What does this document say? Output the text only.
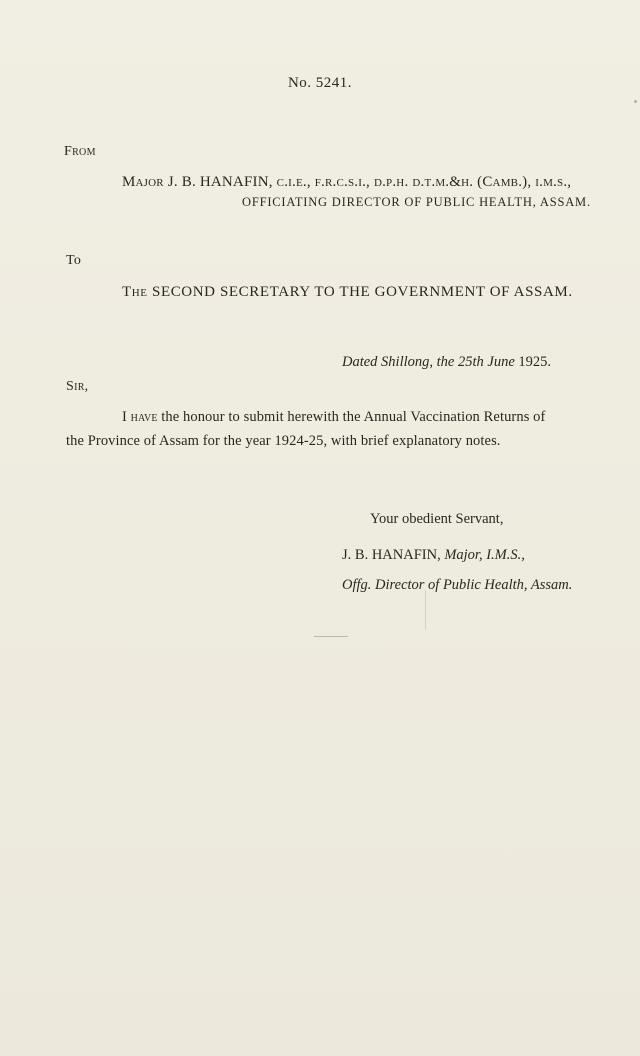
No. 5241.
From
Major J. B. HANAFIN, c.i.e., f.r.c.s.i., d.p.h. d.t.m.&h. (Camb.), i.m.s.,
OFFICIATING DIRECTOR OF PUBLIC HEALTH, ASSAM.
To
The SECOND SECRETARY TO THE GOVERNMENT OF ASSAM.
Dated Shillong, the 25th June 1925.
Sir,
I have the honour to submit herewith the Annual Vaccination Returns of
the Province of Assam for the year 1924-25, with brief explanatory notes.
Your obedient Servant,
J. B. HANAFIN, Major, I.M.S.,
Offg. Director of Public Health, Assam.
